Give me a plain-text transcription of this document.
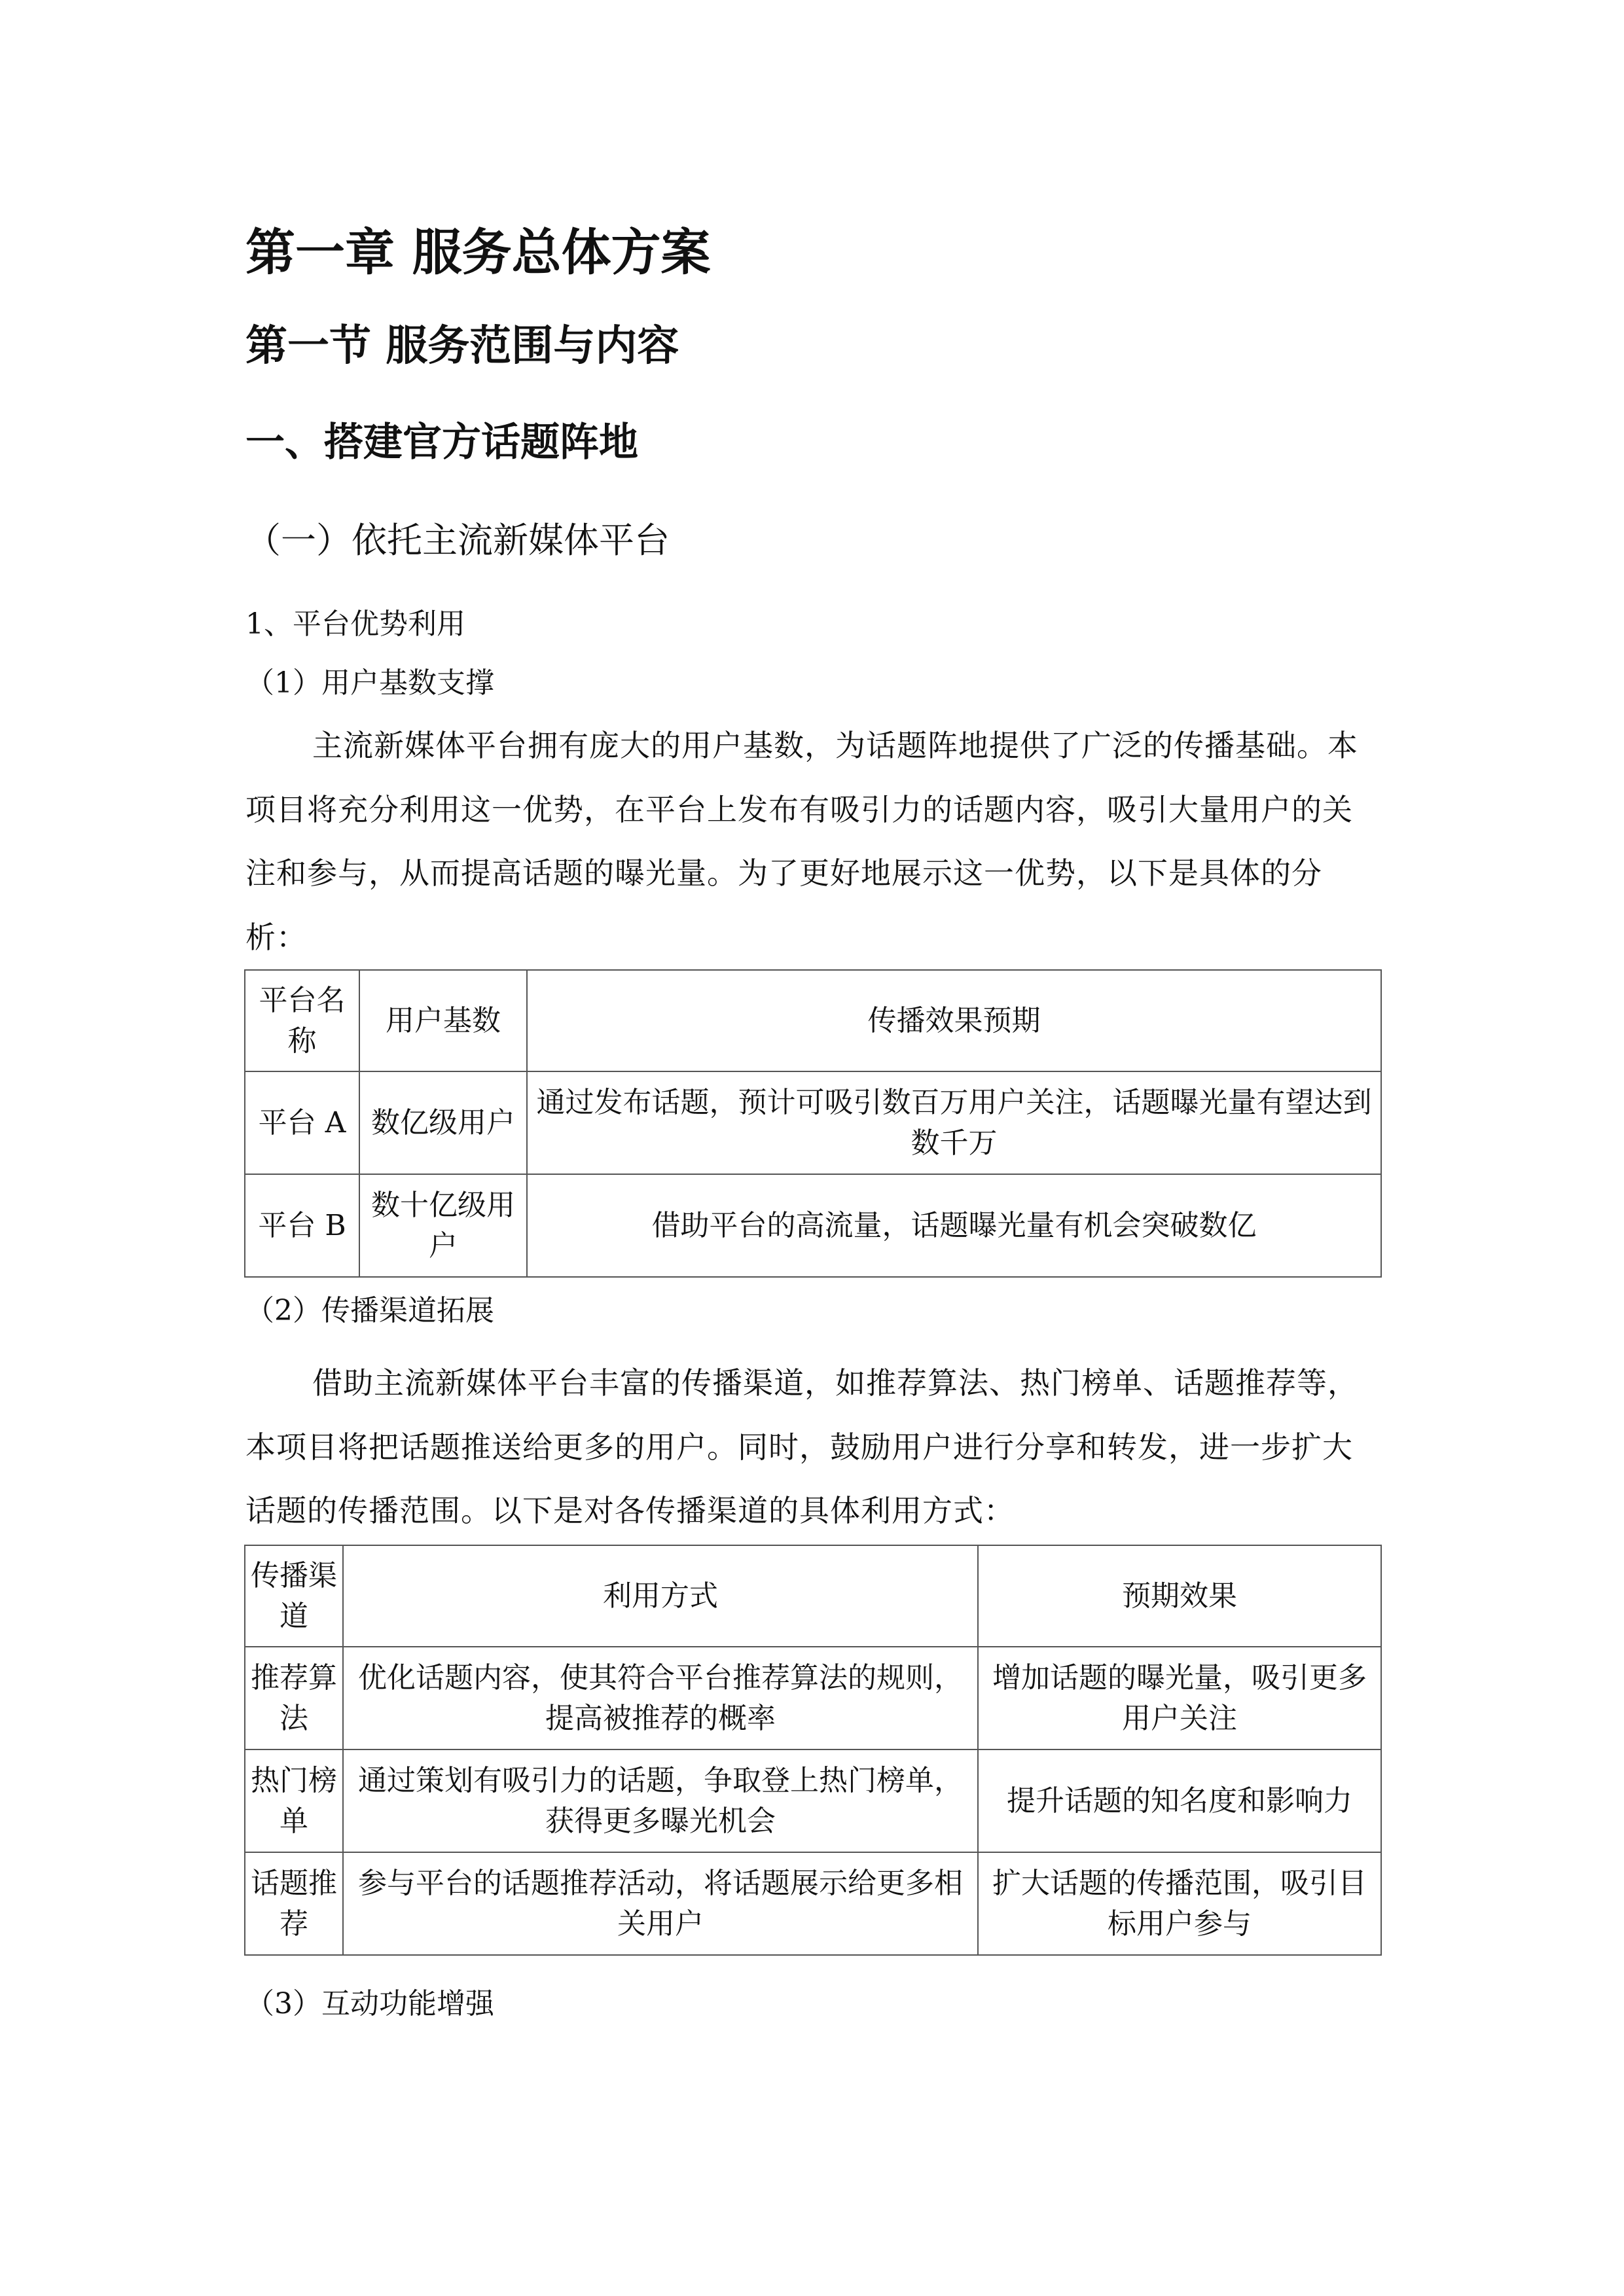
第一章 服务总体方案
第一节 服务范围与内容
一、搭建官方话题阵地
（一）依托主流新媒体平台
1、平台优势利用
（1）用户基数支撑
主流新媒体平台拥有庞大的用户基数，为话题阵地提供了广泛的传播基础。本项目将充分利用这一优势，在平台上发布有吸引力的话题内容，吸引大量用户的关注和参与，从而提高话题的曝光量。为了更好地展示这一优势，以下是具体的分析：
平台名称	用户基数	传播效果预期
平台 A	数亿级用户	通过发布话题，预计可吸引数百万用户关注，话题曝光量有望达到数千万
平台 B	数十亿级用户	借助平台的高流量，话题曝光量有机会突破数亿
（2）传播渠道拓展
借助主流新媒体平台丰富的传播渠道，如推荐算法、热门榜单、话题推荐等，本项目将把话题推送给更多的用户。同时，鼓励用户进行分享和转发，进一步扩大话题的传播范围。以下是对各传播渠道的具体利用方式：
传播渠道	利用方式	预期效果
推荐算法	优化话题内容，使其符合平台推荐算法的规则，提高被推荐的概率	增加话题的曝光量，吸引更多用户关注
热门榜单	通过策划有吸引力的话题，争取登上热门榜单，获得更多曝光机会	提升话题的知名度和影响力
话题推荐	参与平台的话题推荐活动，将话题展示给更多相关用户	扩大话题的传播范围，吸引目标用户参与
（3）互动功能增强
